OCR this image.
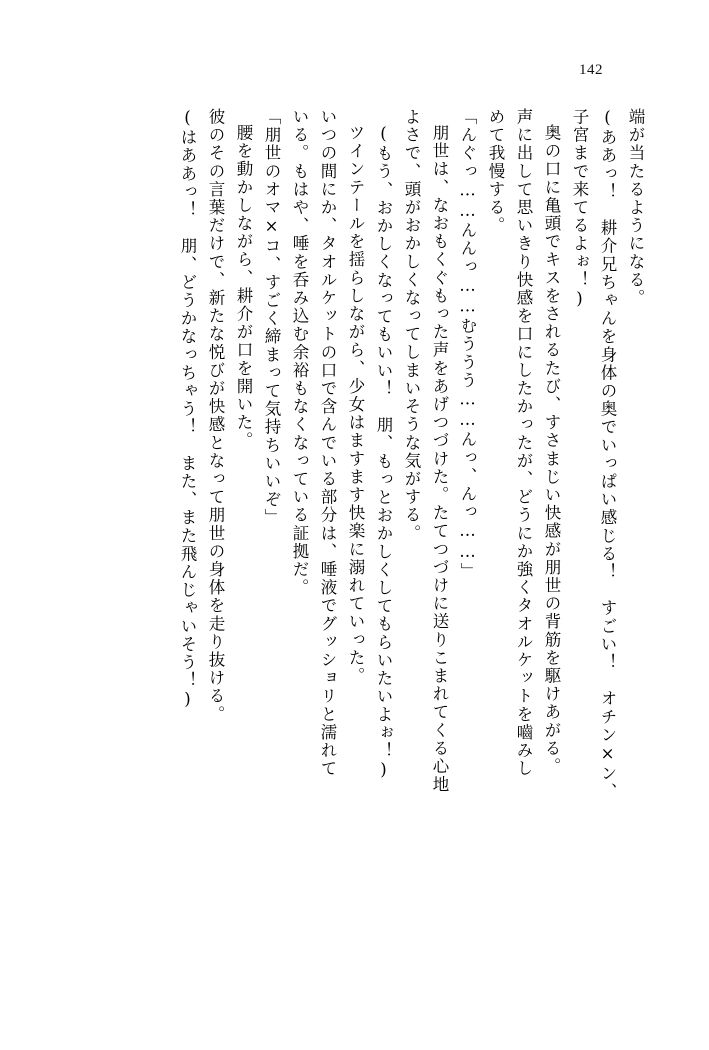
142
端が当たるようになる。
(ああっ！　耕介兄ちゃんを身体の奥でいっぱい感じる！　すごい！　オチン×ン、
子宮まで来てるよぉ！)
奥の口に亀頭でキスをされるたび、すさまじい快感が朋世の背筋を駆けあがる。
声に出して思いきり快感を口にしたかったが、どうにか強くタオルケットを嚙みし
めて我慢する。
「んぐっ……んんっ……むううう……んっ、んっ……」
朋世は、なおもくぐもった声をあげつづけた。たてつづけに送りこまれてくる心地
よさで、頭がおかしくなってしまいそうな気がする。
(もう、おかしくなってもいい！　朋、もっとおかしくしてもらいたいよぉ！)
ツインテールを揺らしながら、少女はますます快楽に溺れていった。
いつの間にか、タオルケットの口で含んでいる部分は、唾液でグッショリと濡れて
いる。もはや、唾を呑み込む余裕もなくなっている証拠だ。
「朋世のオマ×コ、すごく締まって気持ちいいぞ」
腰を動かしながら、耕介が口を開いた。
彼のその言葉だけで、新たな悦びが快感となって朋世の身体を走り抜ける。
(はああっ！　朋、どうかなっちゃう！　また、また飛んじゃいそう！)
